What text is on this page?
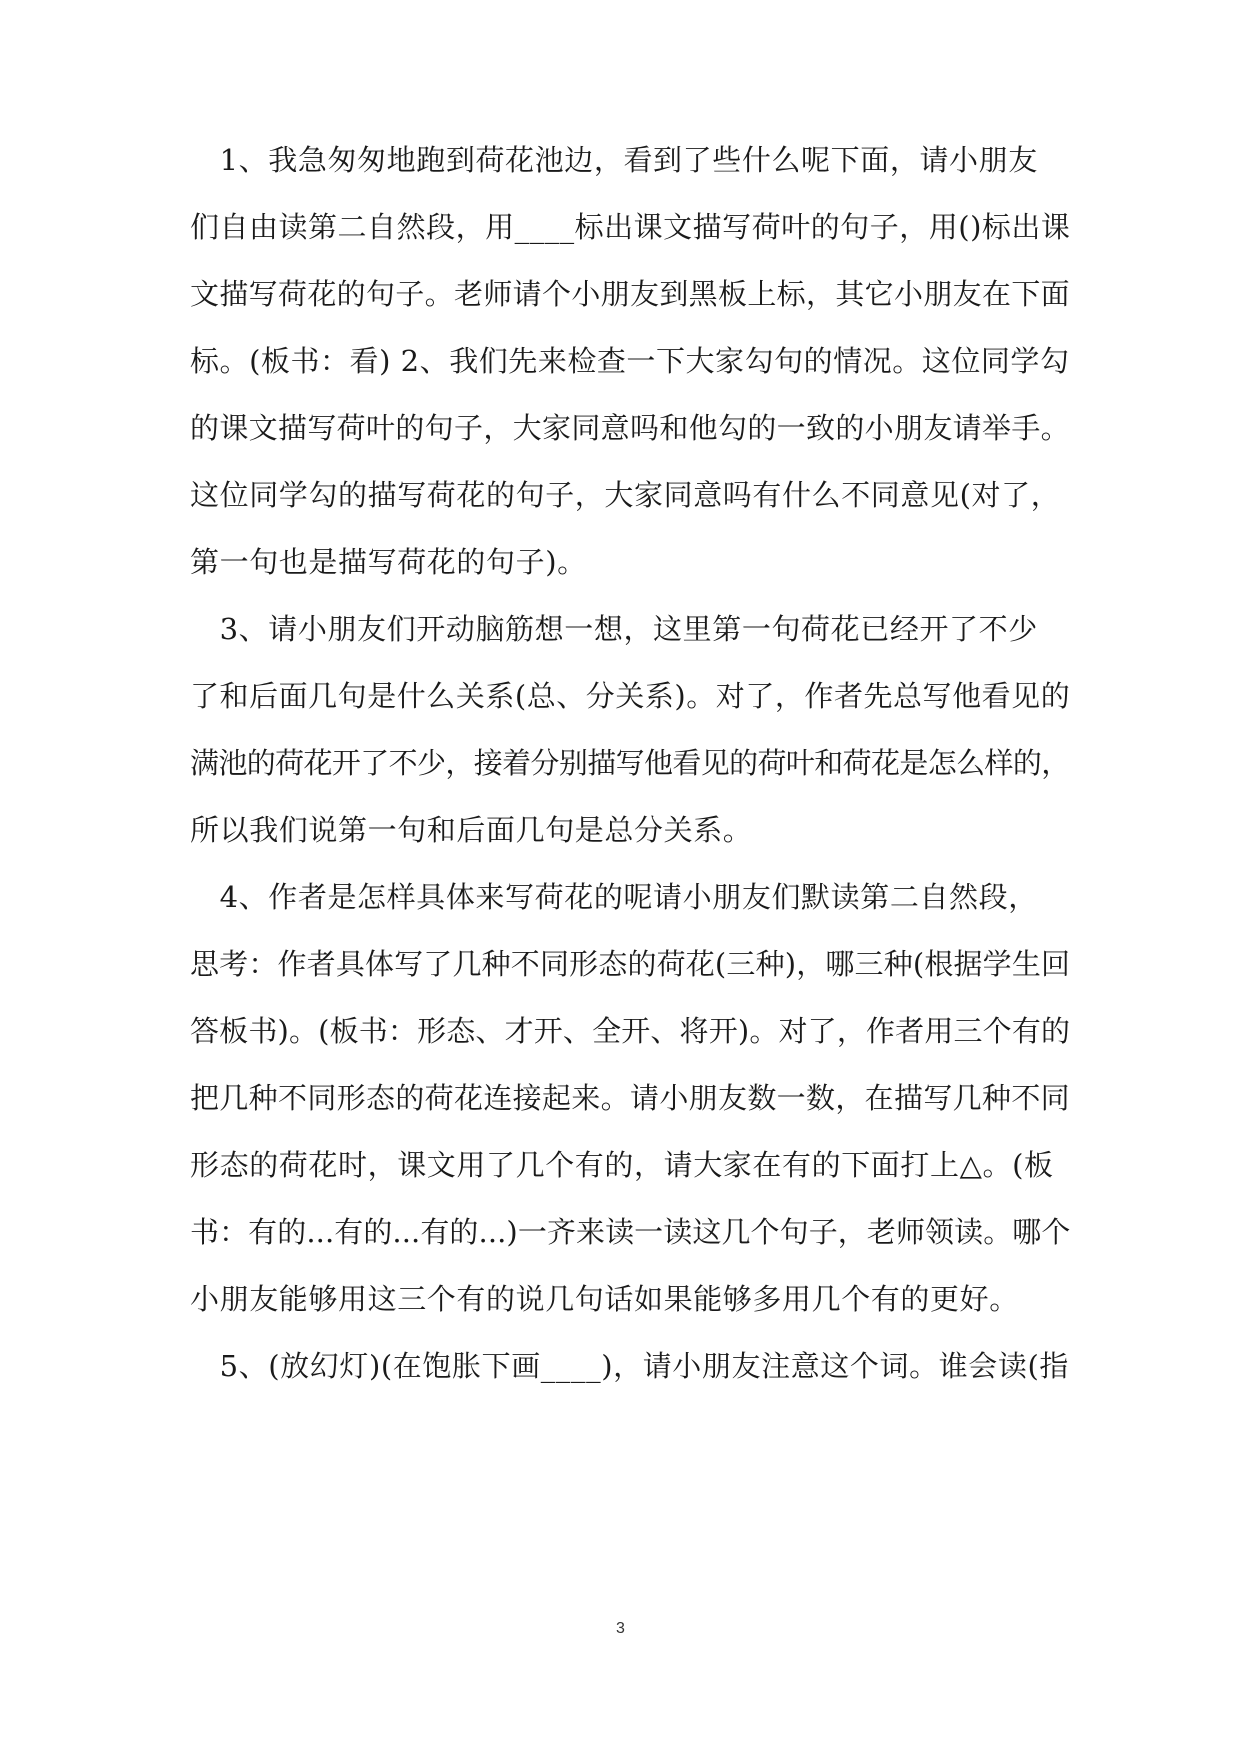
　1、我急匆匆地跑到荷花池边，看到了些什么呢下面，请小朋友
们自由读第二自然段，用____标出课文描写荷叶的句子，用()标出课
文描写荷花的句子。老师请个小朋友到黑板上标，其它小朋友在下面
标。(板书：看) 2、我们先来检查一下大家勾句的情况。这位同学勾
的课文描写荷叶的句子，大家同意吗和他勾的一致的小朋友请举手。
这位同学勾的描写荷花的句子，大家同意吗有什么不同意见(对了，
第一句也是描写荷花的句子)。
　3、请小朋友们开动脑筋想一想，这里第一句荷花已经开了不少
了和后面几句是什么关系(总、分关系)。对了，作者先总写他看见的
满池的荷花开了不少，接着分别描写他看见的荷叶和荷花是怎么样的，
所以我们说第一句和后面几句是总分关系。
　4、作者是怎样具体来写荷花的呢请小朋友们默读第二自然段，
思考：作者具体写了几种不同形态的荷花(三种)，哪三种(根据学生回
答板书)。(板书：形态、才开、全开、将开)。对了，作者用三个有的
把几种不同形态的荷花连接起来。请小朋友数一数，在描写几种不同
形态的荷花时，课文用了几个有的，请大家在有的下面打上△。(板
书：有的...有的...有的...)一齐来读一读这几个句子，老师领读。哪个
小朋友能够用这三个有的说几句话如果能够多用几个有的更好。
　5、(放幻灯)(在饱胀下画____)，请小朋友注意这个词。谁会读(指
3
